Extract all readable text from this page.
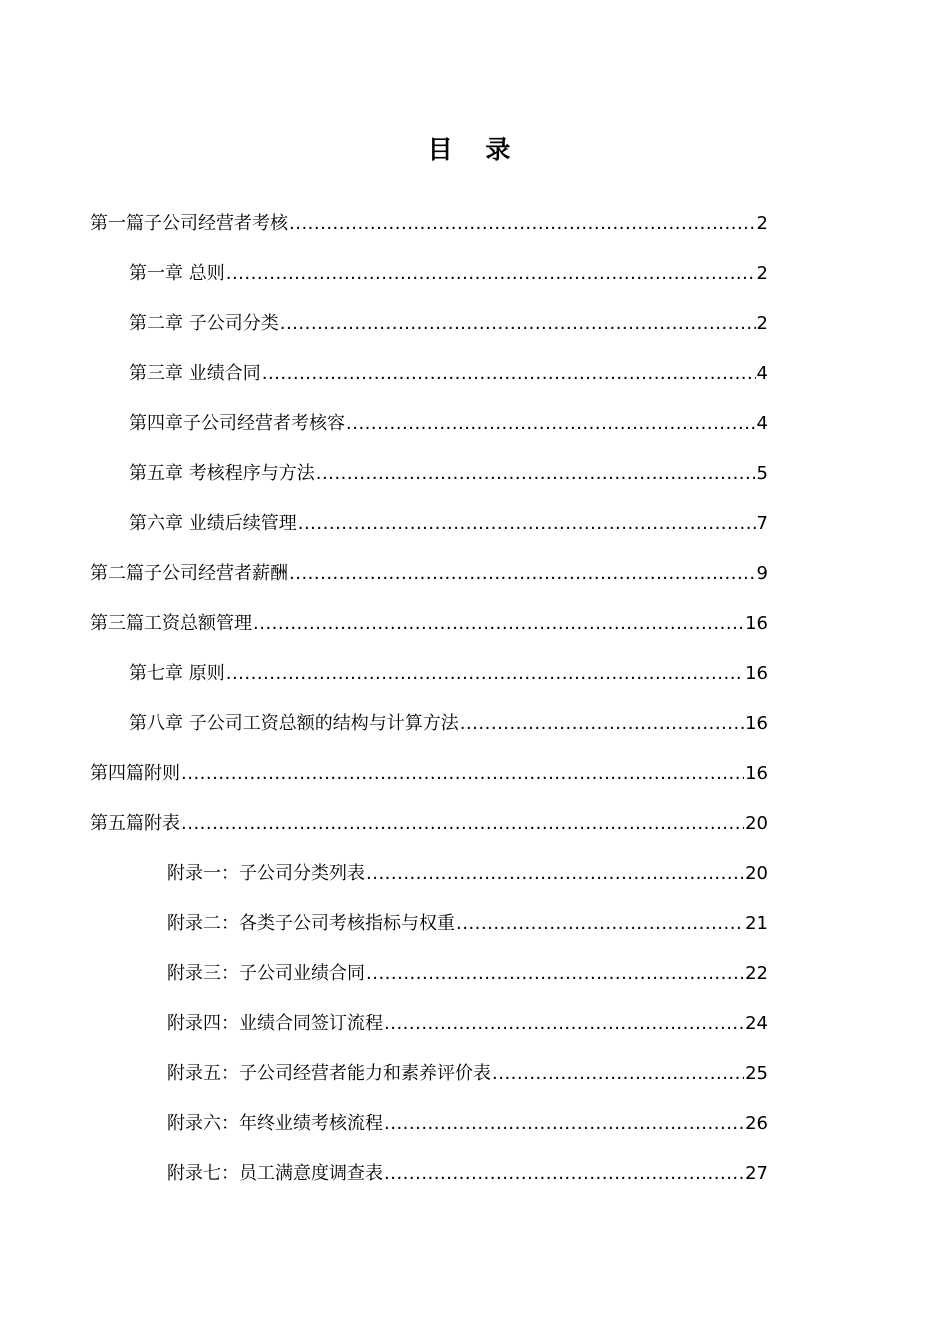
目 录
第一篇子公司经营者考核 .....	2
第一章 总则 .....	2
第二章 子公司分类 .....	2
第三章 业绩合同 .....	4
第四章子公司经营者考核容 .....	4
第五章 考核程序与方法 .....	5
第六章 业绩后续管理 .....	7
第二篇子公司经营者薪酬 .....	9
第三篇工资总额管理 .....	16
第七章 原则 .....	16
第八章 子公司工资总额的结构与计算方法 .....	16
第四篇附则 .....	16
第五篇附表 .....	20
附录一：子公司分类列表 .....	20
附录二：各类子公司考核指标与权重 .....	21
附录三：子公司业绩合同 .....	22
附录四：业绩合同签订流程 .....	24
附录五：子公司经营者能力和素养评价表 .....	25
附录六：年终业绩考核流程 .....	26
附录七：员工满意度调查表 .....	27
